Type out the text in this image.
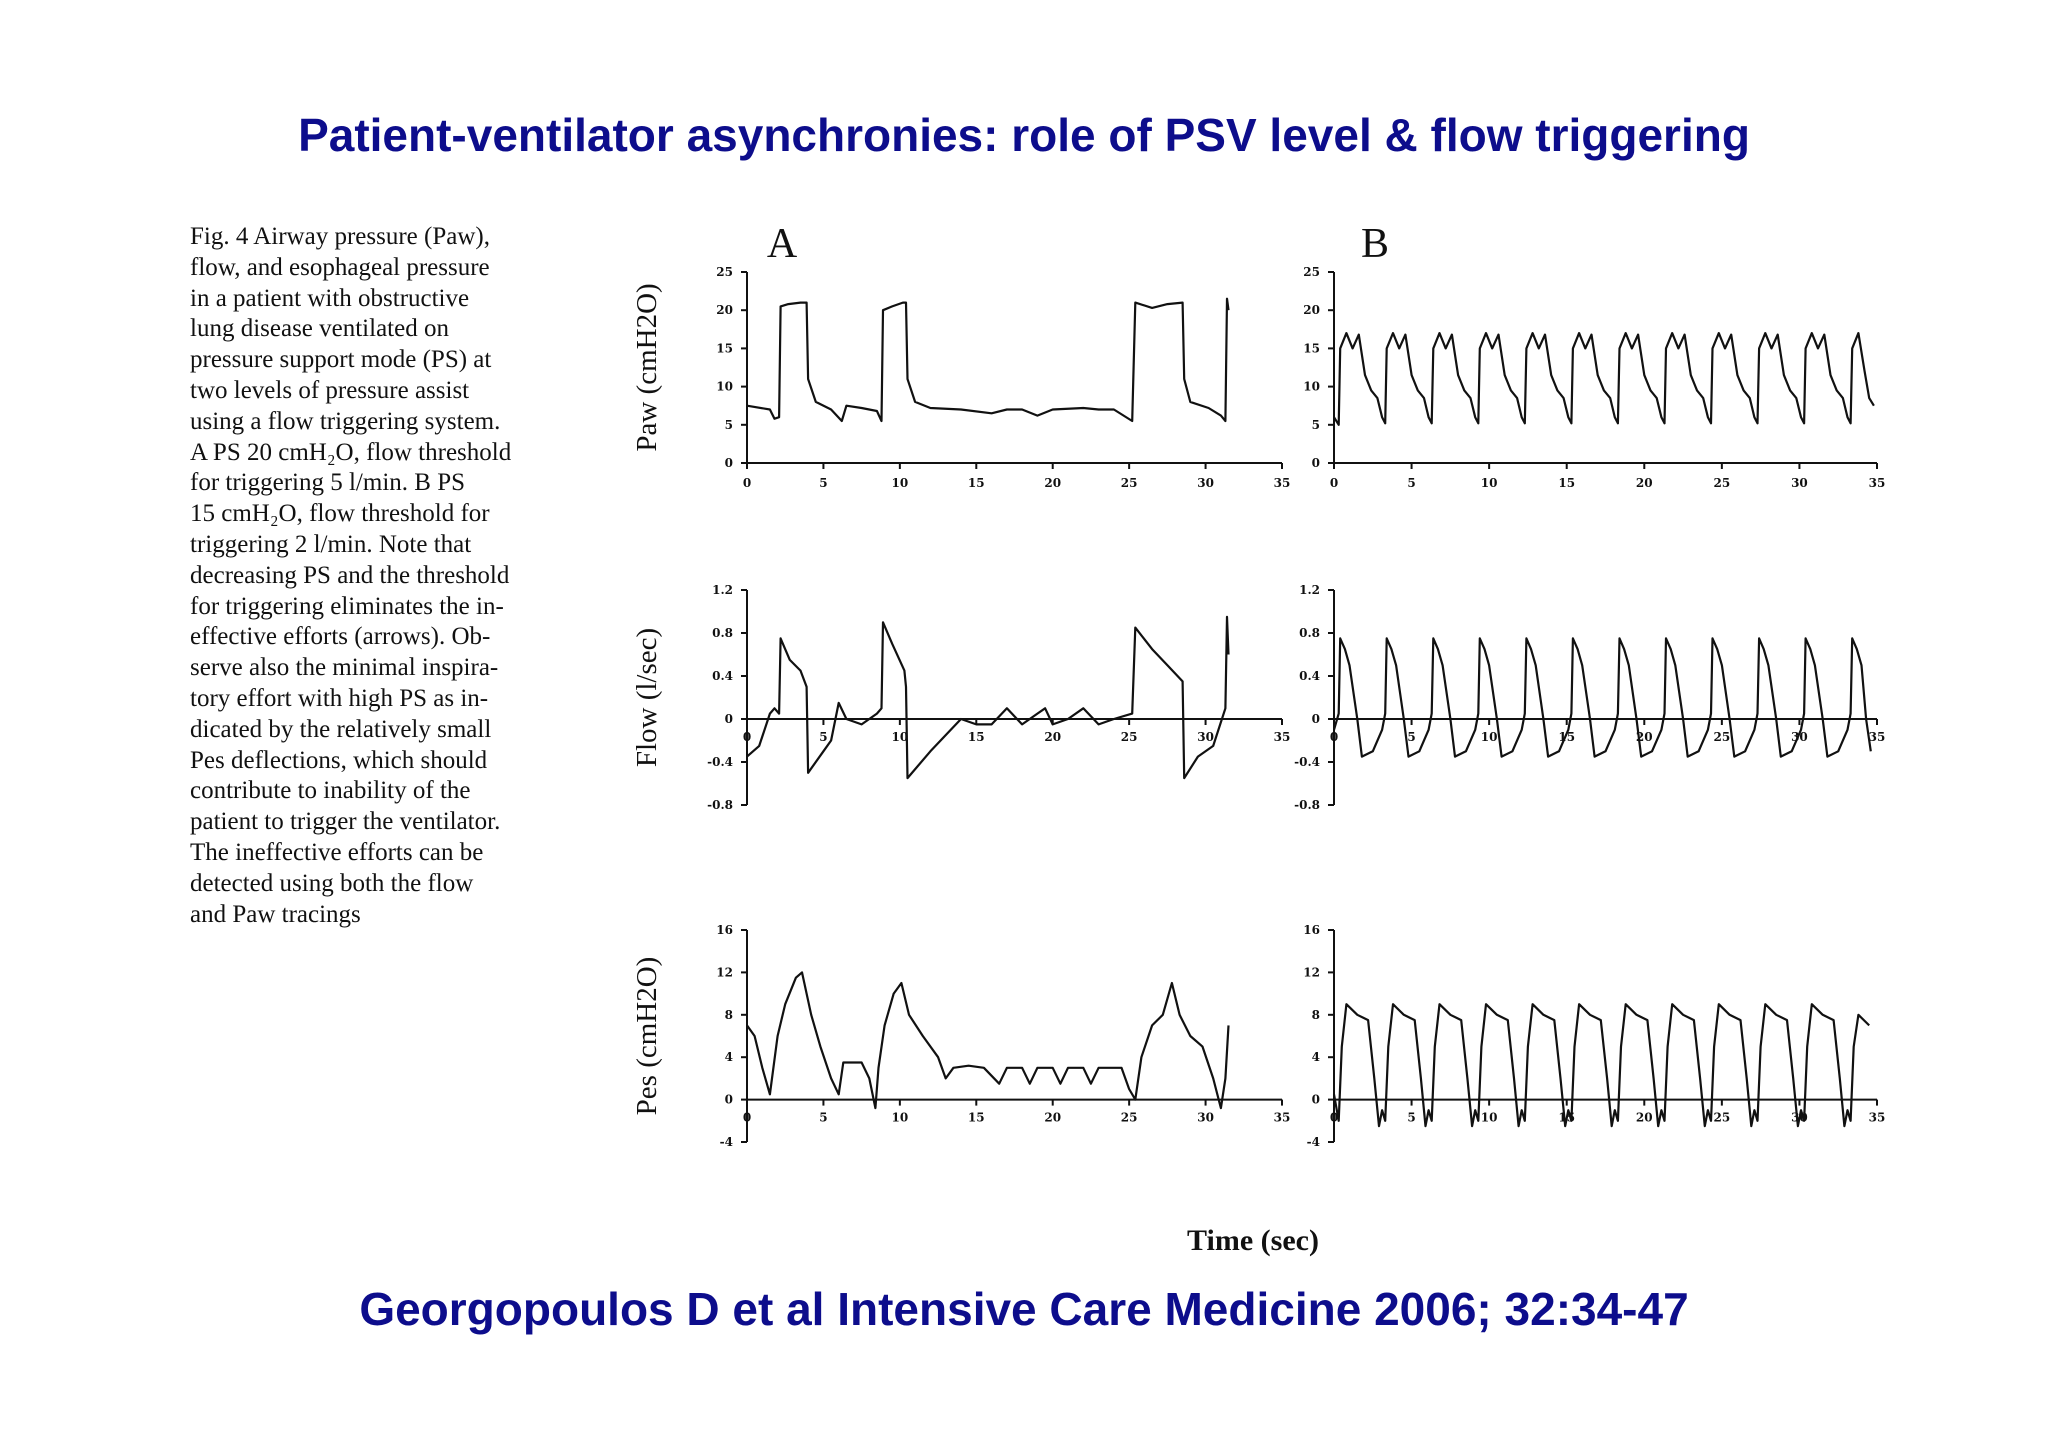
Patient-ventilator asynchronies: role of PSV level & flow triggering
Fig. 4 Airway pressure (Paw),
flow, and esophageal pressure
in a patient with obstructive
lung disease ventilated on
pressure support mode (PS) at
two levels of pressure assist
using a flow triggering system.
A PS 20 cmH₂O, flow threshold
for triggering 5 l/min. B PS
15 cmH₂O, flow threshold for
triggering 2 l/min. Note that
decreasing PS and the threshold
for triggering eliminates the in-
effective efforts (arrows). Ob-
serve also the minimal inspira-
tory effort with high PS as in-
dicated by the relatively small
Pes deflections, which should
contribute to inability of the
patient to trigger the ventilator.
The ineffective efforts can be
detected using both the flow
and Paw tracings
0
5
10
15
20
25
0	5	10	15	20	25	30	35
0
5
10
15
20
25
0	5	10	15	20	25	30	35
Paw (cmH2O)
-0.8
-0.4
0
0.4
0.8
1.2
0	5	10	15	20	25	30	35
-0.8
-0.4
0
0.4
0.8
1.2
0	5	10	15	20	25	30	35
Flow (l/sec)
-4
0
4
8
12
16
0	5	10	15	20	25	30	35
-4
0
4
8
12
16
0	5	10	15	20	25	30	35
Pes (cmH2O)
A	B
Time (sec)

Georgopoulos D et al Intensive Care Medicine 2006; 32:34-47
